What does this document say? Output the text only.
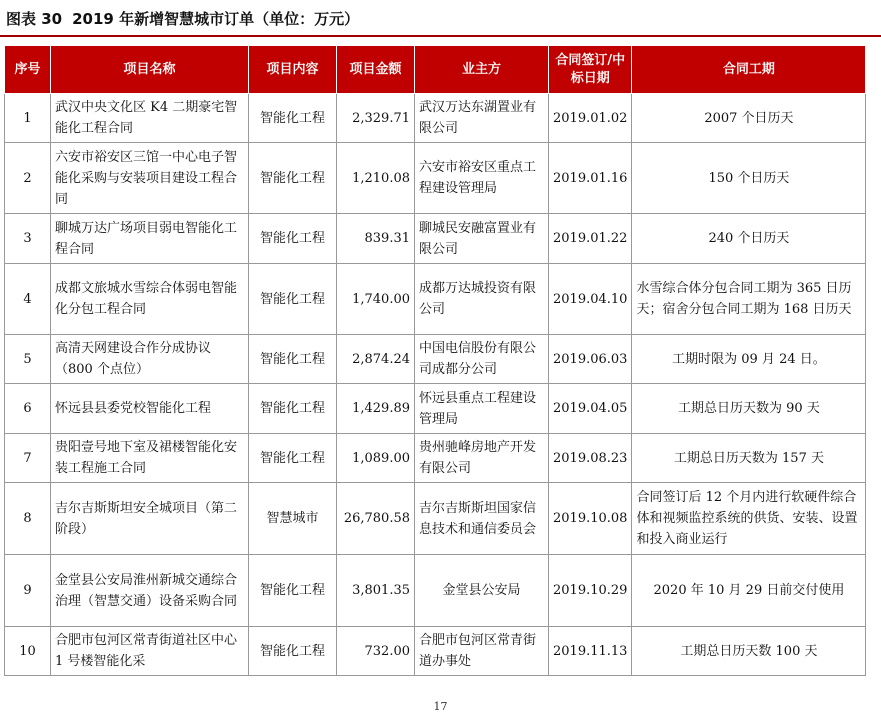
图表 30 2019 年新增智慧城市订单（单位：万元）
序号	项目名称	项目内容	项目金额	业主方	合同签订/中标日期	合同工期
1	武汉中央文化区 K4 二期豪宅智能化工程合同	智能化工程	2,329.71	武汉万达东湖置业有限公司	2019.01.02	2007 个日历天
2	六安市裕安区三馆一中心电子智能化采购与安装项目建设工程合同	智能化工程	1,210.08	六安市裕安区重点工程建设管理局	2019.01.16	150 个日历天
3	聊城万达广场项目弱电智能化工程合同	智能化工程	839.31	聊城民安融富置业有限公司	2019.01.22	240 个日历天
4	成都文旅城水雪综合体弱电智能化分包工程合同	智能化工程	1,740.00	成都万达城投资有限公司	2019.04.10	水雪综合体分包合同工期为 365 日历天；宿舍分包合同工期为 168 日历天
5	高清天网建设合作分成协议（800 个点位）	智能化工程	2,874.24	中国电信股份有限公司成都分公司	2019.06.03	工期时限为 09 月 24 日。
6	怀远县县委党校智能化工程	智能化工程	1,429.89	怀远县重点工程建设管理局	2019.04.05	工期总日历天数为 90 天
7	贵阳壹号地下室及裙楼智能化安装工程施工合同	智能化工程	1,089.00	贵州驰峰房地产开发有限公司	2019.08.23	工期总日历天数为 157 天
8	吉尔吉斯斯坦安全城项目（第二阶段）	智慧城市	26,780.58	吉尔吉斯斯坦国家信息技术和通信委员会	2019.10.08	合同签订后 12 个月内进行软硬件综合体和视频监控系统的供货、安装、设置和投入商业运行
9	金堂县公安局淮州新城交通综合治理（智慧交通）设备采购合同	智能化工程	3,801.35	金堂县公安局	2019.10.29	2020 年 10 月 29 日前交付使用
10	合肥市包河区常青街道社区中心 1 号楼智能化采	智能化工程	732.00	合肥市包河区常青街道办事处	2019.11.13	工期总日历天数 100 天
17
